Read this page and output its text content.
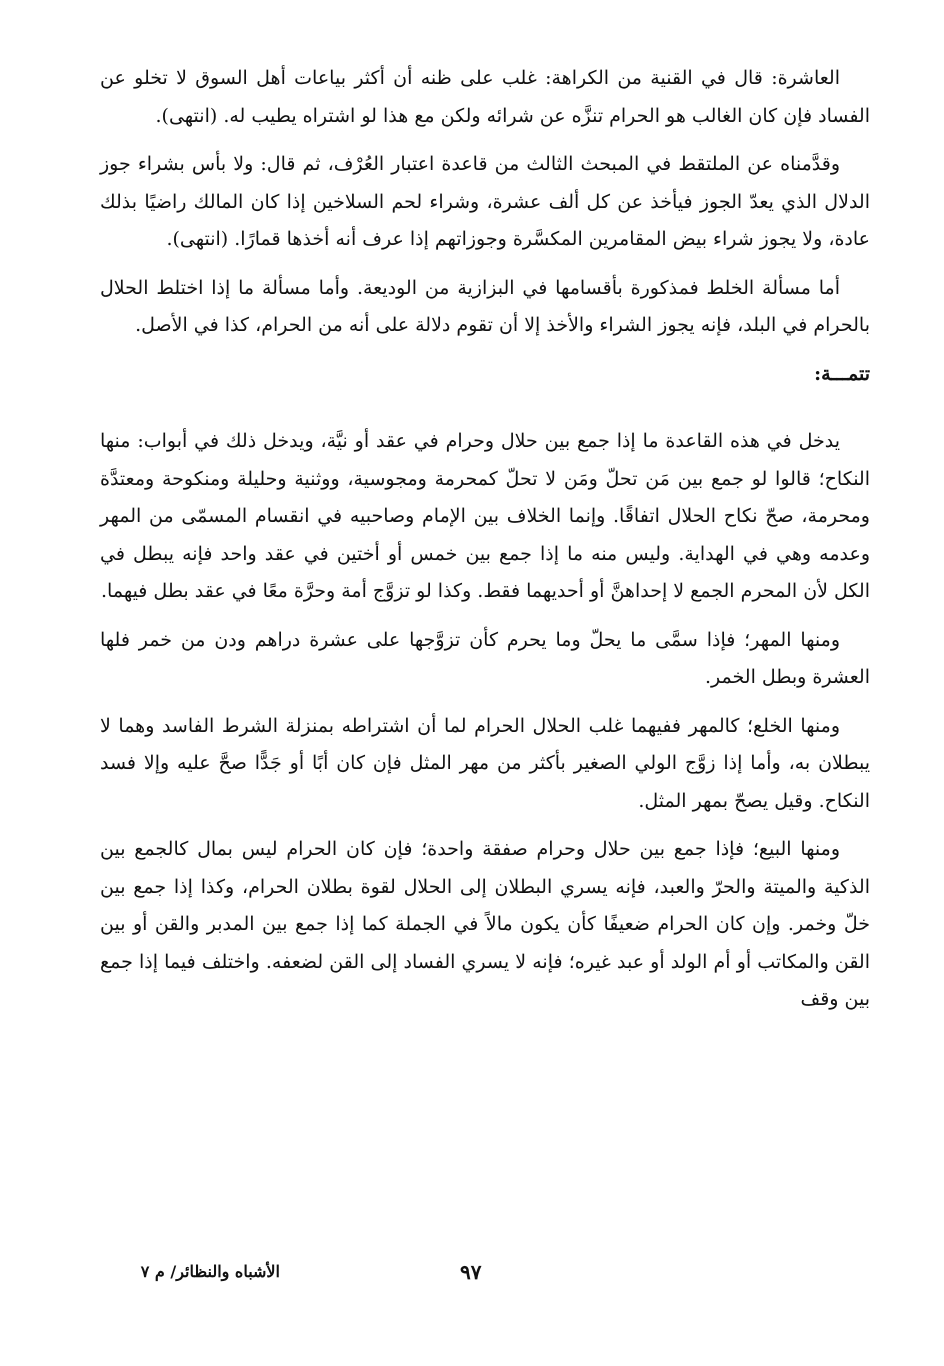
العاشرة: قال في القنية من الكراهة: غلب على ظنه أن أكثر بياعات أهل السوق لا تخلو عن الفساد فإن كان الغالب هو الحرام تنزَّه عن شرائه ولكن مع هذا لو اشتراه يطيب له. (انتهى).

وقدَّمناه عن الملتقط في المبحث الثالث من قاعدة اعتبار العُرْف، ثم قال: ولا بأس بشراء جوز الدلال الذي يعدّ الجوز فيأخذ عن كل ألف عشرة، وشراء لحم السلاخين إذا كان المالك راضيًا بذلك عادة، ولا يجوز شراء بيض المقامرين المكسَّرة وجوزاتهم إذا عرف أنه أخذها قمارًا. (انتهى).

أما مسألة الخلط فمذكورة بأقسامها في البزازية من الوديعة. وأما مسألة ما إذا اختلط الحلال بالحرام في البلد، فإنه يجوز الشراء والأخذ إلا أن تقوم دلالة على أنه من الحرام، كذا في الأصل.

تتمـــة:

يدخل في هذه القاعدة ما إذا جمع بين حلال وحرام في عقد أو نيَّة، ويدخل ذلك في أبواب: منها النكاح؛ قالوا لو جمع بين مَن تحلّ ومَن لا تحلّ كمحرمة ومجوسية، ووثنية وحليلة ومنكوحة ومعتدَّة ومحرمة، صحّ نكاح الحلال اتفاقًا. وإنما الخلاف بين الإمام وصاحبيه في انقسام المسمّى من المهر وعدمه وهي في الهداية. وليس منه ما إذا جمع بين خمس أو أختين في عقد واحد فإنه يبطل في الكل لأن المحرم الجمع لا إحداهنَّ أو أحديهما فقط. وكذا لو تزوَّج أمة وحرَّة معًا في عقد بطل فيهما.

ومنها المهر؛ فإذا سمَّى ما يحلّ وما يحرم كأن تزوَّجها على عشرة دراهم ودن من خمر فلها العشرة وبطل الخمر.

ومنها الخلع؛ كالمهر ففيهما غلب الحلال الحرام لما أن اشتراطه بمنزلة الشرط الفاسد وهما لا يبطلان به، وأما إذا زوَّج الولي الصغير بأكثر من مهر المثل فإن كان أبًا أو جَدًّا صحَّ عليه وإلا فسد النكاح. وقيل يصحّ بمهر المثل.

ومنها البيع؛ فإذا جمع بين حلال وحرام صفقة واحدة؛ فإن كان الحرام ليس بمال كالجمع بين الذكية والميتة والحرّ والعبد، فإنه يسري البطلان إلى الحلال لقوة بطلان الحرام، وكذا إذا جمع بين خلّ وخمر. وإن كان الحرام ضعيفًا كأن يكون مالاً في الجملة كما إذا جمع بين المدبر والقن أو بين القن والمكاتب أو أم الولد أو عبد غيره؛ فإنه لا يسري الفساد إلى القن لضعفه. واختلف فيما إذا جمع بين وقف

٩٧
الأشباه والنظائر/ م ٧
